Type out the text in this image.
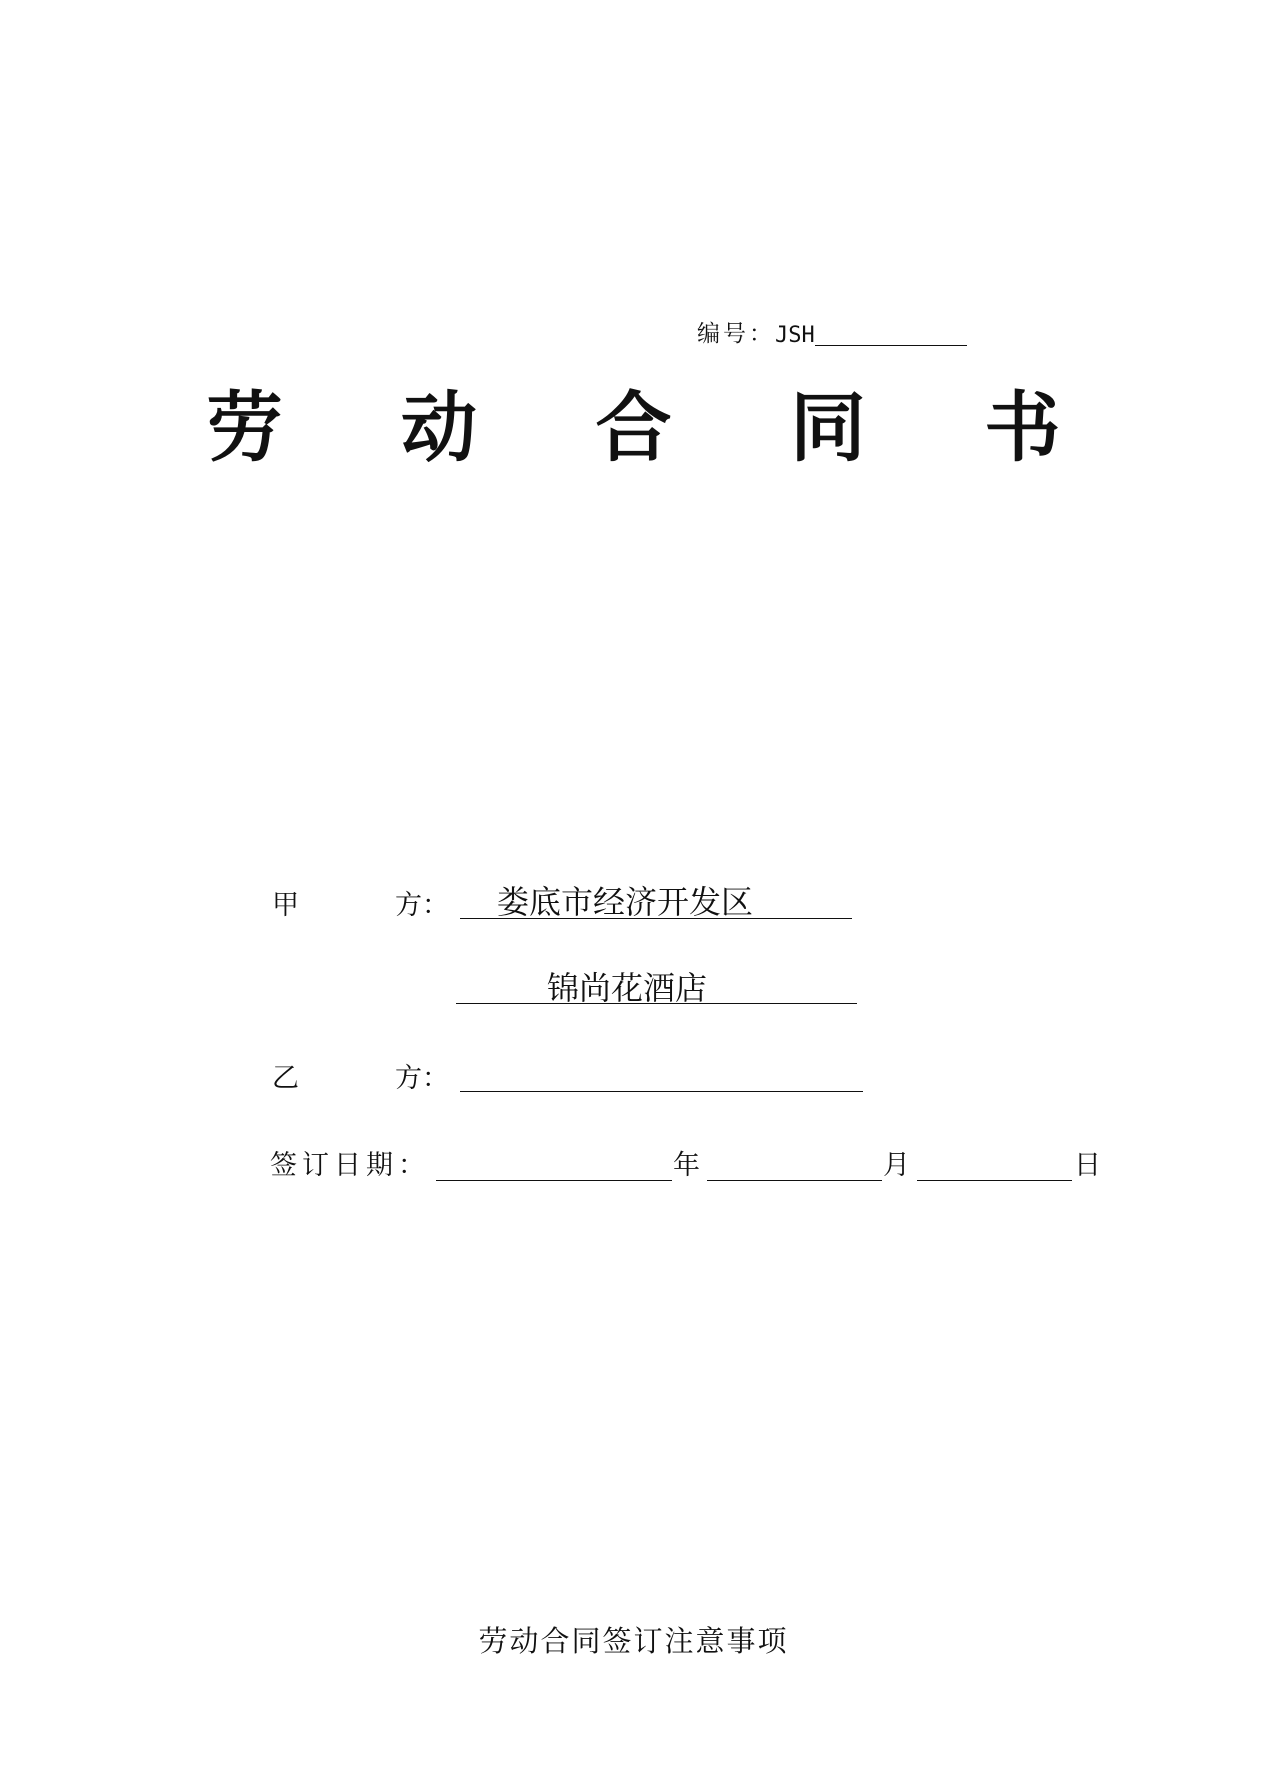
编号： JSH
劳 动 合 同 书
甲	方： 娄底市经济开发区
锦尚花酒店
乙	方：
签订日期：	年	月	日
劳动合同签订注意事项
